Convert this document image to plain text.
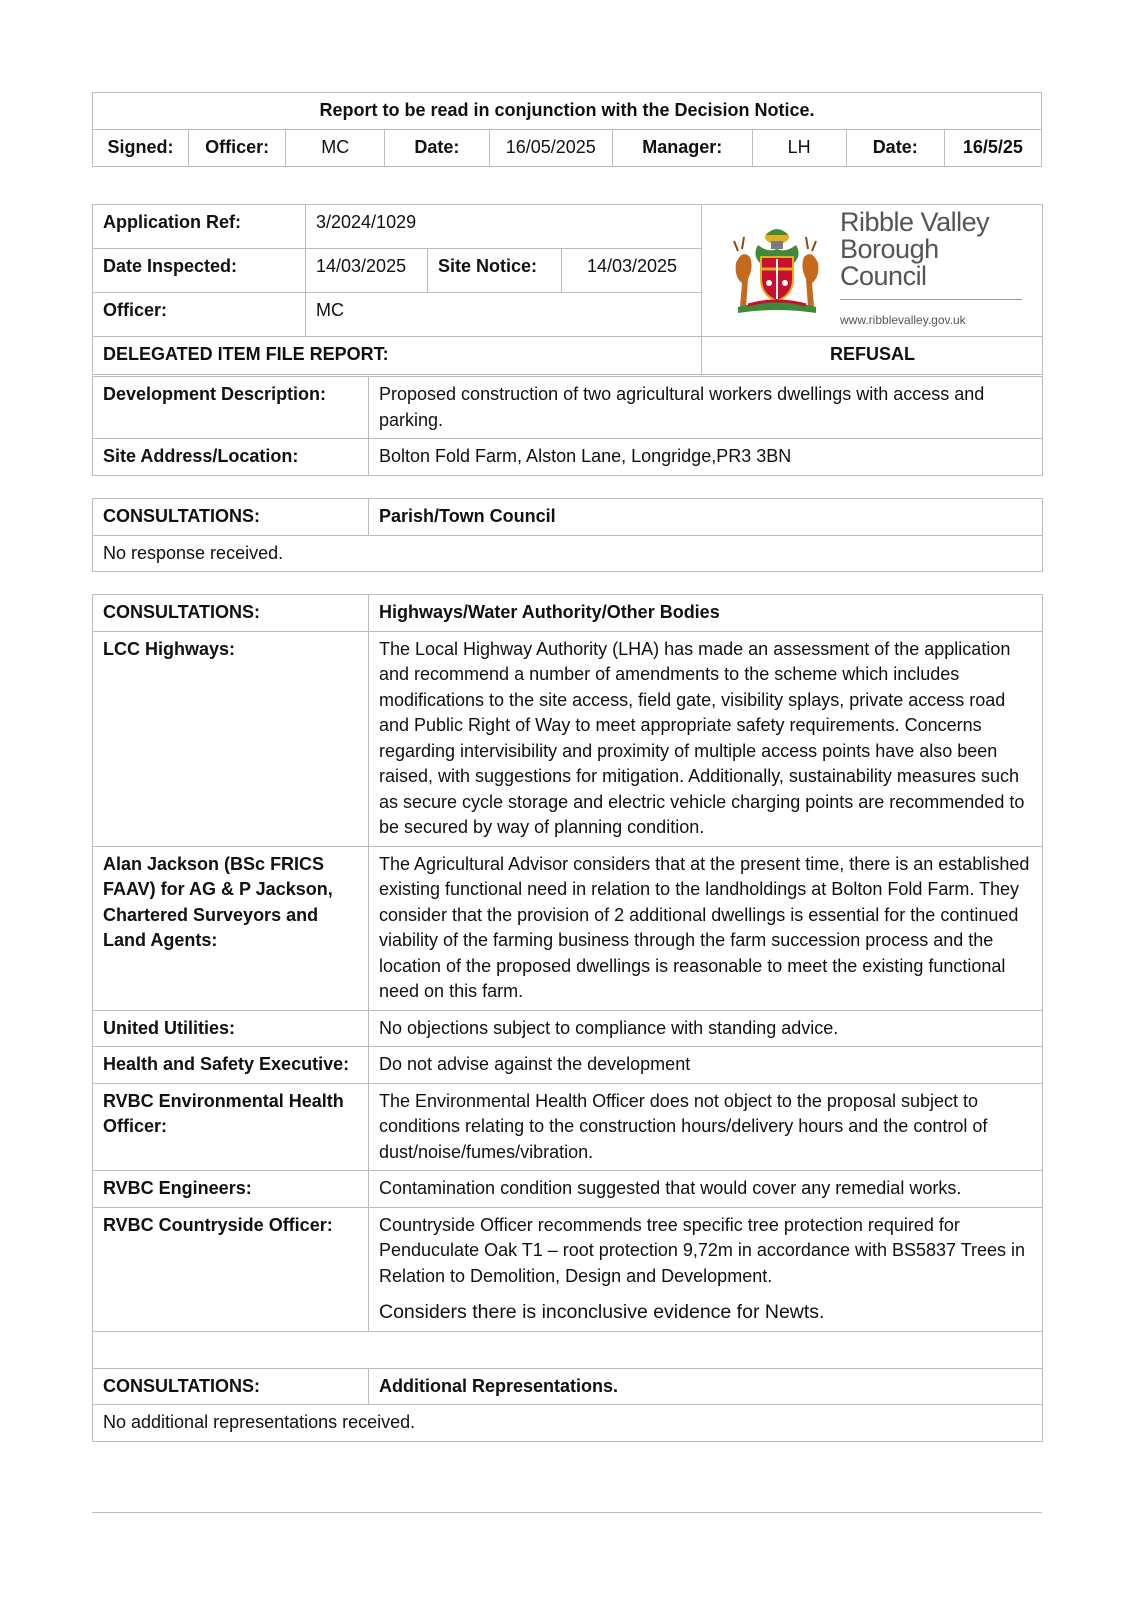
Report to be read in conjunction with the Decision Notice.
Signed:	Officer:	MC	Date:	16/05/2025	Manager:	LH	Date:	16/5/25
Application Ref:	3/2024/1029			Ribble Valley
Borough Council
www.ribblevalley.gov.uk

Date Inspected:	14/03/2025	Site Notice:	14/03/2025	
Officer:	MC			
DELEGATED ITEM FILE REPORT:				REFUSAL
Development Description:	Proposed construction of two agricultural workers dwellings with access and parking.
Site Address/Location:	Bolton Fold Farm, Alston Lane, Longridge,PR3 3BN
CONSULTATIONS:	Parish/Town Council
No response received.
CONSULTATIONS:	Highways/Water Authority/Other Bodies
LCC Highways:	The Local Highway Authority (LHA) has made an assessment of the application and recommend a number of amendments to the scheme which includes modifications to the site access, field gate, visibility splays, private access road and Public Right of Way to meet appropriate safety requirements. Concerns regarding intervisibility and proximity of multiple access points have also been raised, with suggestions for mitigation. Additionally, sustainability measures such as secure cycle storage and electric vehicle charging points are recommended to be secured by way of planning condition.
Alan Jackson (BSc FRICS FAAV) for AG & P Jackson, Chartered Surveyors and Land Agents:	The Agricultural Advisor considers that at the present time, there is an established existing functional need in relation to the landholdings at Bolton Fold Farm. They consider that the provision of 2 additional dwellings is essential for the continued viability of the farming business through the farm succession process and the location of the proposed dwellings is reasonable to meet the existing functional need on this farm.
United Utilities:	No objections subject to compliance with standing advice.
Health and Safety Executive:	Do not advise against the development
RVBC Environmental Health Officer:	The Environmental Health Officer does not object to the proposal subject to conditions relating to the construction hours/delivery hours and the control of dust/noise/fumes/vibration.
RVBC Engineers:	Contamination condition suggested that would cover any remedial works.
RVBC Countryside Officer:	Countryside Officer recommends tree specific tree protection required for Penduculate Oak T1 – root protection 9,72m in accordance with BS5837 Trees in Relation to Demolition, Design and Development.
Considers there is inconclusive evidence for Newts.

CONSULTATIONS:	Additional Representations.
No additional representations received.	
